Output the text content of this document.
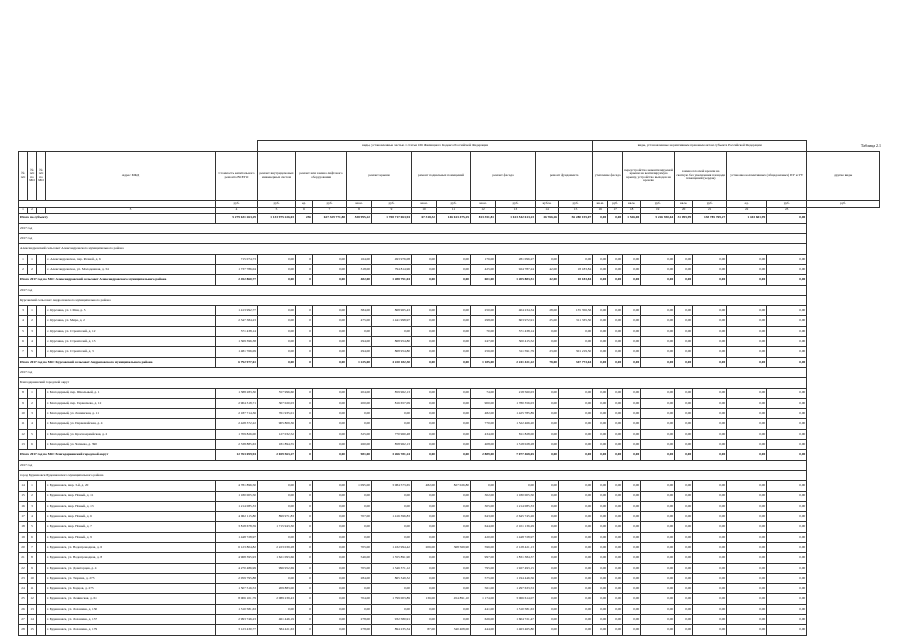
Таблица 2.1
					виды, установленные частью 1 статьи 166 Жилищного Кодекса Российской Федерации											виды, установленные нормативным правовым актом субъекта Российской Федерации								
№ п/п	№ п/п по МО	№ п/п по МО	Адрес МКД	Стоимость капитального ремонта ВСЕГО	ремонт внутридомовых инженерных систем	ремонт или замена лифтового оборудования		ремонт крыши		ремонт подвальных помещений		ремонт фасада		ремонт фундамента		утепление фасада		переустройство невентилируемой крыши на вентилируемую крышу, устройство выходов на кровлю		замена плоской кровли на скатную без увеличения площади помещений (чердак)		установка коллективных (общедомовых) ПУ и УУ		другие виды
				руб.	руб.	ед.	руб.	кв.м.	руб.	кв.м.	руб.	кв.м.	руб.	куб.м.	руб.	кв.м.	руб.	кв.м.	руб.	кв.м.	руб.	ед.	руб.	руб.
1	2		3	4	5	6	7	8	9	10	11	12	13	14	15	16	17	18	19	20	21	22	23	
Итого по субъекту				5 279 631 263,29	1 133 975 226,03	256	627 329 771,88	538 995,22	1 708 717 063,94	67 318,32	146 613 475,25	813 351,81	1 613 542 613,23	26 766,26	56 280 155,07	0,00	0,00	1 526,00	5 226 930,64	31 095,99	138 785 769,27	1 443 601,99	0,00	
2017 год																								
2017 год																								
Александровский сельсовет Александровского муниципального района																								
1	1		с. Александровское, пер. Речной, д. 6	715 074,73	0,00	0	0,00	164,00	493 976,08	0,00	0,00	176,00	281 096,27	0,00	0,00	0,00	0,00	0,00	0,00	0,00	0,00	0,00	0,00	
2	2		с. Александровское, ул. Молодежная, д. 34	1 737 786,04	0,00	0	0,00	318,00	794 814,96	0,00	0,00	425,00	924 787,24	42,00	18 183,84	0,00	0,00	0,00	0,00	0,00	0,00	0,00	0,00	
Итого 2017 год по МО: Александровский сельсовет Александровского муниципального района				2 452 860,77	0,00	0	0,00	482,00	1 288 791,04	0,00	0,00	601,00	1 205 883,51	42,00	18 183,84	0,00	0,00	0,00	0,00	0,00	0,00	0,00	0,00	
2017 год																								
Курсавский сельсовет Андроповского муниципального района																								
3	1		с. Курсавка, ул. 1 Мая, д. 5	1 413 992,77	0,00	0	0,00	384,00	868 965,43	0,00	0,00	250,00	404 234,34	28,00	135 356,56	0,00	0,00	0,00	0,00	0,00	0,00	0,00	0,00	
4	2		с. Курсавка, ул. Мира, д. 2	2 347 384,23	0,00	0	0,00	475,00	1 441 998,97	0,00	0,00	298,00	603 972,91	25,00	311 335,50	0,00	0,00	0,00	0,00	0,00	0,00	0,00	0,00	
5	3		с. Курсавка, ул. Строителей, д. 12	571 438,14	0,00	0	0,00	0,00	0,00	0,00	0,00	70,00	571 438,14	0,00	0,00	0,00	0,00	0,00	0,00	0,00	0,00	0,00	0,00	
6	4		с. Курсавка, ул. Строителей, д. 13	1 369 396,38	0,00	0	0,00	294,00	868 954,80	0,00	0,00	247,00	500 415,52	0,00	0,00	0,00	0,00	0,00	0,00	0,00	0,00	0,00	0,00	
7	5		с. Курсавка, ул. Строителей, д. 3	1 481 766,09	0,00	0	0,00	294,00	868 954,80	0,00	0,00	256,00	311 591,79	23,00	301 219,50	0,00	0,00	0,00	0,00	0,00	0,00	0,00	0,00	
Итого 2017 год по МО: Курсавский сельсовет Андроповского муниципального района				6 792 977,61	0,00	0	0,00	1 225,00	4 220 182,30	0,00	0,00	1 185,00	2 241 421,22	78,00	347 773,64	0,00	0,00	0,00	0,00	0,00	0,00	0,00	0,00	
2017 год																								
Благодарненский городской округ																								
8	1		г. Благодарный, пер. Школьный, д. 1	1 388 283,30	557 996,60	0	0,00	204,00	859 962,13	0,00	0,00	74,00	218 560,03	0,00	0,00	0,00	0,00	0,00	0,00	0,00	0,00	0,00	0,00	
9	2		г. Благодарный, пер. Гервасиева, д. 12	2 904 318,71	307 020,03	0	0,00	200,00	816 657,09	0,00	0,00	900,00	1 780 356,03	0,00	0,00	0,00	0,00	0,00	0,00	0,00	0,00	0,00	0,00	
10	3		г. Благодарный, ул. Ленинская, д. 11	2 187 714,36	761 935,01	0	0,00	0,00	0,00	0,00	0,00	482,00	1 425 785,89	0,00	0,00	0,00	0,00	0,00	0,00	0,00	0,00	0,00	0,00	
11	4		г. Благодарный, ул. Первомайская, д. 4	2 428 372,22	905 809,36	0	0,00	0,00	0,00	0,00	0,00	770,00	1 522 466,20	0,00	0,00	0,00	0,00	0,00	0,00	0,00	0,00	0,00	0,00	
12	5		г. Благодарный, ул. Красноармейская, д. 2	1 709 826,00	127 032,52	0	0,00	325,00	770 960,48	0,00	0,00	434,00	811 828,00	0,00	0,00	0,00	0,00	0,00	0,00	0,00	0,00	0,00	0,00	
13	6		г. Благодарный, ул. Чапаева, д. 390	2 338 885,63	181 894,55	0	0,00	260,00	858 962,13	0,00	0,00	408,00	1 318 028,28	0,00	0,00	0,00	0,00	0,00	0,00	0,00	0,00	0,00	0,00	
Итого 2017 год по МО: Благодарненский городской округ				12 763 699,94	2 659 563,27	0	0,00	981,00	3 266 781,24	0,00	0,00	2 889,00	7 077 468,65	0,00	0,00	0,00	0,00	0,00	0,00	0,00	0,00	0,00	0,00	
2017 год																								
город Буденновск Буденновского муниципального района																								
14	1		г. Буденновск, мкр. 3-й, д. 20	4 781 896,50	0,00	0	0,00	1 095,00	3 084 573,65	482,00	827 026,80	0,00	0,00	0,00	0,00	0,00	0,00	0,00	0,00	0,00	0,00	0,00	0,00	
15	2		г. Буденновск, мкр. Новый, д. 11	1 180 005,50	0,00	0	0,00	0,00	0,00	0,00	0,00	302,00	1 180 005,50	0,00	0,00	0,00	0,00	0,00	0,00	0,00	0,00	0,00	0,00	
16	3		г. Буденновск, мкр. Новый, д. 13	1 214 085,33	0,00	0	0,00	0,00	0,00	0,00	0,00	305,00	1 214 085,33	0,00	0,00	0,00	0,00	0,00	0,00	0,00	0,00	0,00	0,00	
17	4		г. Буденновск, мкр. Новый, д. 6	4 962 115,80	899 971,83	0	0,00	707,00	1 416 396,83	0,00	0,00	643,00	2 645 745,26	0,00	0,00	0,00	0,00	0,00	0,00	0,00	0,00	0,00	0,00	
18	5		г. Буденновск, мкр. Новый, д. 7	3 818 678,59	1 715 943,30	0	0,00	0,00	0,00	0,00	0,00	644,00	2 101 136,29	0,00	0,00	0,00	0,00	0,00	0,00	0,00	0,00	0,00	0,00	
19	6		г. Буденновск, мкр. Новый, д. 9	1 448 728,97	0,00	0	0,00	0,00	0,00	0,00	0,00	420,00	1 448 728,97	0,00	0,00	0,00	0,00	0,00	0,00	0,00	0,00	0,00	0,00	
20	7		г. Буденновск, ул. Водопроводная, д. 6	6 123 804,82	2 223 039,28	0	0,00	705,00	1 432 994,42	206,00	368 569,90	596,00	2 128 421,13	0,00	0,00	0,00	0,00	0,00	0,00	0,00	0,00	0,00	0,00	
21	8		г. Буденновск, ул. Водопроводная, д. 8	4 968 395,93	1 621 093,66	0	0,00	546,00	1 355 891,90	0,00	0,00	997,00	1 831 384,37	0,00	0,00	0,00	0,00	0,00	0,00	0,00	0,00	0,00	0,00	
22	9		г. Буденновск, ул. Доваторцев, д. 4	4 270 486,99	996 952,69	0	0,00	705,00	1 346 371,12	0,00	0,00	795,00	1 927 493,15	0,00	0,00	0,00	0,00	0,00	0,00	0,00	0,00	0,00	0,00	
23	10		г. Буденновск, ул. Тюрина, д. 273	2 059 795,88	0,00	0	0,00	284,00	865 349,32	0,00	0,00	575,00	1 194 446,56	0,00	0,00	0,00	0,00	0,00	0,00	0,00	0,00	0,00	0,00	
24	11		г. Буденновск, ул. Борцов, д. 275	1 507 516,53	209 883,00	0	0,00	0,00	0,00	0,00	0,00	561,00	1 297 633,53	0,00	0,00	0,00	0,00	0,00	0,00	0,00	0,00	0,00	0,00	
25	12		г. Буденновск, ул. Ленинская, д. 61	8 006 101,79	2 089 239,43	0	0,00	704,00	1 799 003,89	136,00	454 891,10	1 174,00	3 066 614,07	0,00	0,00	0,00	0,00	0,00	0,00	0,00	0,00	0,00	0,00	
26	13		г. Буденновск, ул. Лоханина, д. 130	1 310 581,63	0,00	0	0,00	0,00	0,00	0,00	0,00	441,00	1 310 581,63	0,00	0,00	0,00	0,00	0,00	0,00	0,00	0,00	0,00	0,00	
27	14		г. Буденновск, ул. Лоханина, д. 137	2 993 746,23	461 446,19	0	0,00	278,00	932 580,91	0,00	0,00	626,00	1 604 721,47	0,00	0,00	0,00	0,00	0,00	0,00	0,00	0,00	0,00	0,00	
28	15		г. Буденновск, ул. Лоханина, д. 179	3 123 430,77	384 421,63	0	0,00	278,00	894 235,34	87,00	340 408,00	444,00	1 463 465,80	0,00	0,00	0,00	0,00	0,00	0,00	0,00	0,00	0,00	0,00	
